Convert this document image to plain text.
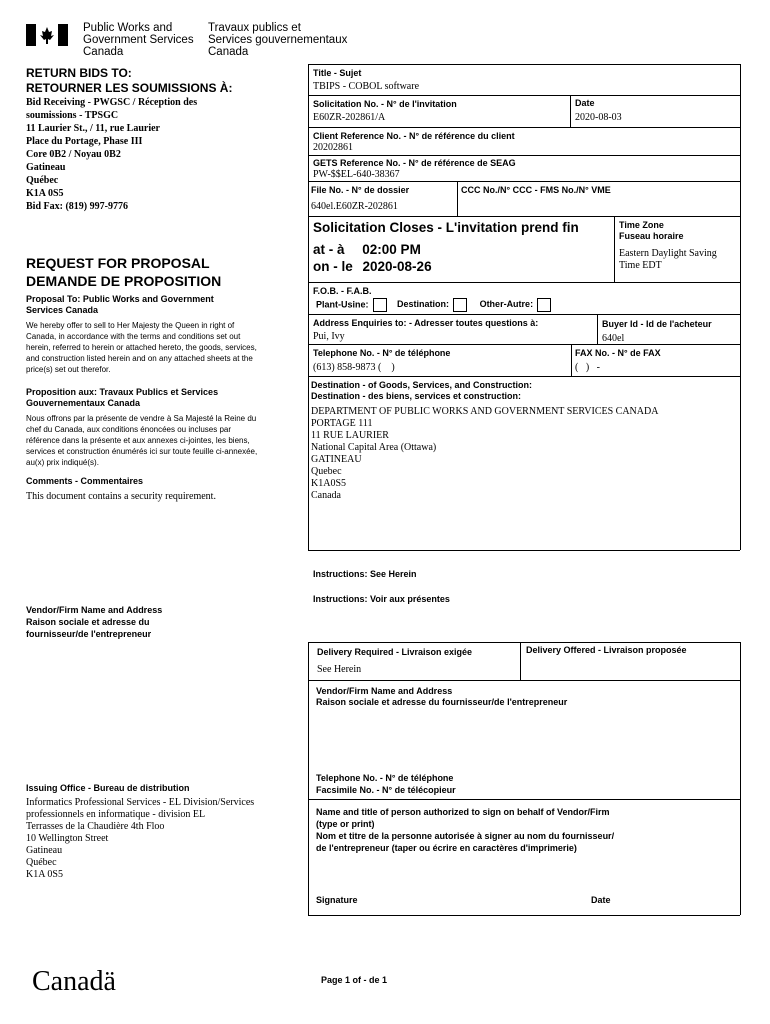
Public Works and
Government Services
Canada
Travaux publics et
Services gouvernementaux
Canada
RETURN BIDS TO:
RETOURNER LES SOUMISSIONS À:
Bid Receiving - PWGSC / Réception des
soumissions - TPSGC
11 Laurier St., / 11, rue Laurier
Place du Portage, Phase III
Core 0B2 / Noyau 0B2
Gatineau
Québec
K1A 0S5
Bid Fax: (819) 997-9776
REQUEST FOR PROPOSAL
DEMANDE DE PROPOSITION
Proposal To: Public Works and Government Services Canada
We hereby offer to sell to Her Majesty the Queen in right of Canada, in accordance with the terms and conditions set out herein, referred to herein or attached hereto, the goods, services, and construction listed herein and on any attached sheets at the price(s) set out therefor.
Proposition aux: Travaux Publics et Services Gouvernementaux Canada
Nous offrons par la présente de vendre à Sa Majesté la Reine du chef du Canada, aux conditions énoncées ou incluses par référence dans la présente et aux annexes ci-jointes, les biens, services et construction énumérés ici sur toute feuille ci-annexée, au(x) prix indiqué(s).
Comments - Commentaires
This document contains a security requirement.
Vendor/Firm Name and Address
Raison sociale et adresse du fournisseur/de l'entrepreneur
Issuing Office - Bureau de distribution
Informatics Professional Services - EL Division/Services
professionnels en informatique - division EL
Terrasses de la Chaudière 4th Floo
10 Wellington Street
Gatineau
Québec
K1A 0S5
Title - Sujet
TBIPS - COBOL software
Solicitation No. - N° de l'invitation
E60ZR-202861/A
Date
2020-08-03
Client Reference No. - N° de référence du client
20202861
GETS Reference No. - N° de référence de SEAG
PW-$$EL-640-38367
File No. - N° de dossier
640el.E60ZR-202861
CCC No./N° CCC - FMS No./N° VME
Solicitation Closes - L'invitation prend fin
at - à 02:00 PM
on - le 2020-08-26
Time Zone
Fuseau horaire
Eastern Daylight Saving
Time EDT
F.O.B. - F.A.B.
Plant-Usine:	Destination:	Other-Autre:
Address Enquiries to: - Adresser toutes questions à:
Pui, Ivy
Buyer Id - Id de l'acheteur
640el
Telephone No. - N° de téléphone
(613) 858-9873 (    )
FAX No. - N° de FAX
(   )   -
Destination - of Goods, Services, and Construction:
Destination - des biens, services et construction:
DEPARTMENT OF PUBLIC WORKS AND GOVERNMENT SERVICES CANADA
PORTAGE 111
11 RUE LAURIER
National Capital Area (Ottawa)
GATINEAU
Quebec
K1A0S5
Canada
Instructions: See Herein
Instructions: Voir aux présentes
Delivery Required - Livraison exigée
See Herein
Delivery Offered - Livraison proposée
Vendor/Firm Name and Address
Raison sociale et adresse du fournisseur/de l'entrepreneur
Telephone No. - N° de téléphone
Facsimile No. - N° de télécopieur
Name and title of person authorized to sign on behalf of Vendor/Firm
(type or print)
Nom et titre de la personne autorisée à signer au nom du fournisseur/
de l'entrepreneur (taper ou écrire en caractères d'imprimerie)
Signature	Date
Canadä	Page 1 of - de 1
